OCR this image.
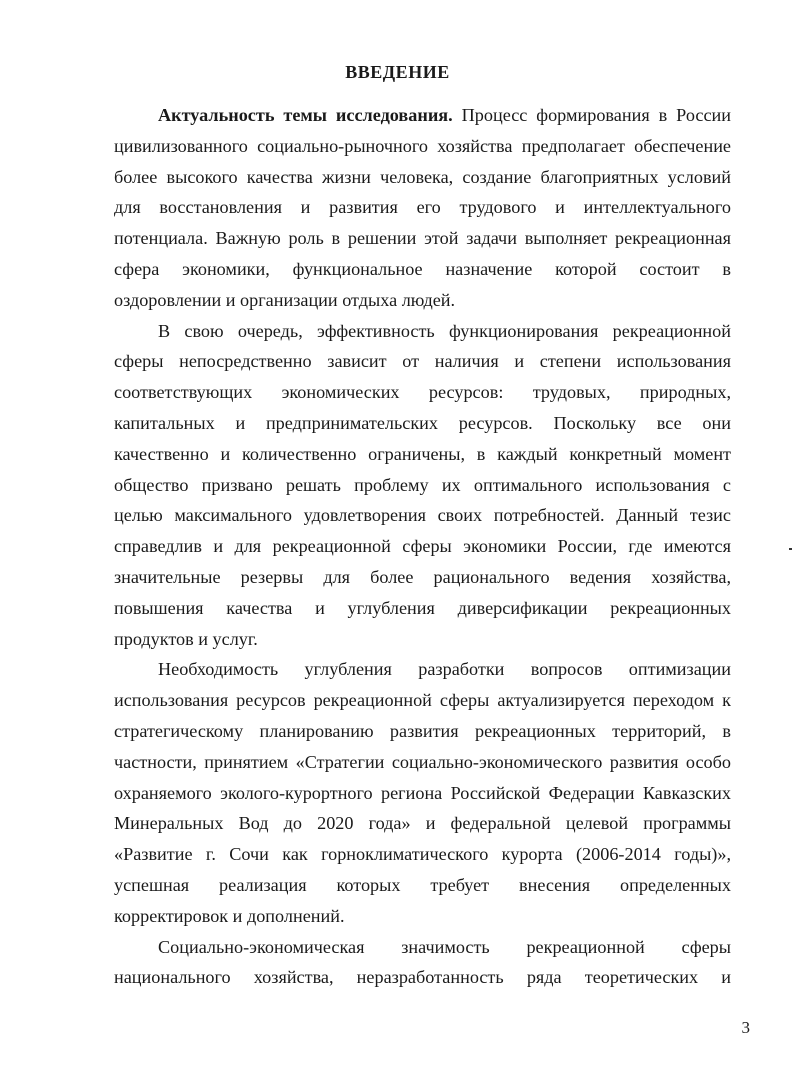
ВВЕДЕНИЕ
Актуальность темы исследования. Процесс формирования в России
цивилизованного социально-рыночного хозяйства предполагает обеспечение
более высокого качества жизни человека, создание благоприятных условий
для восстановления и развития его трудового и интеллектуального
потенциала. Важную роль в решении этой задачи выполняет рекреационная
сфера экономики, функциональное назначение которой состоит в
оздоровлении и организации отдыха людей.
В свою очередь, эффективность функционирования рекреационной
сферы непосредственно зависит от наличия и степени использования
соответствующих экономических ресурсов: трудовых, природных,
капитальных и предпринимательских ресурсов. Поскольку все они
качественно и количественно ограничены, в каждый конкретный момент
общество призвано решать проблему их оптимального использования с
целью максимального удовлетворения своих потребностей. Данный тезис
справедлив и для рекреационной сферы экономики России, где имеются
значительные резервы для более рационального ведения хозяйства,
повышения качества и углубления диверсификации рекреационных
продуктов и услуг.
Необходимость углубления разработки вопросов оптимизации
использования ресурсов рекреационной сферы актуализируется переходом к
стратегическому планированию развития рекреационных территорий, в
частности, принятием «Стратегии социально-экономического развития особо
охраняемого эколого-курортного региона Российской Федерации Кавказских
Минеральных Вод до 2020 года» и федеральной целевой программы
«Развитие г. Сочи как горноклиматического курорта (2006-2014 годы)»,
успешная реализация которых требует внесения определенных
корректировок и дополнений.
Социально-экономическая значимость рекреационной сферы
национального хозяйства, неразработанность ряда теоретических и
3
